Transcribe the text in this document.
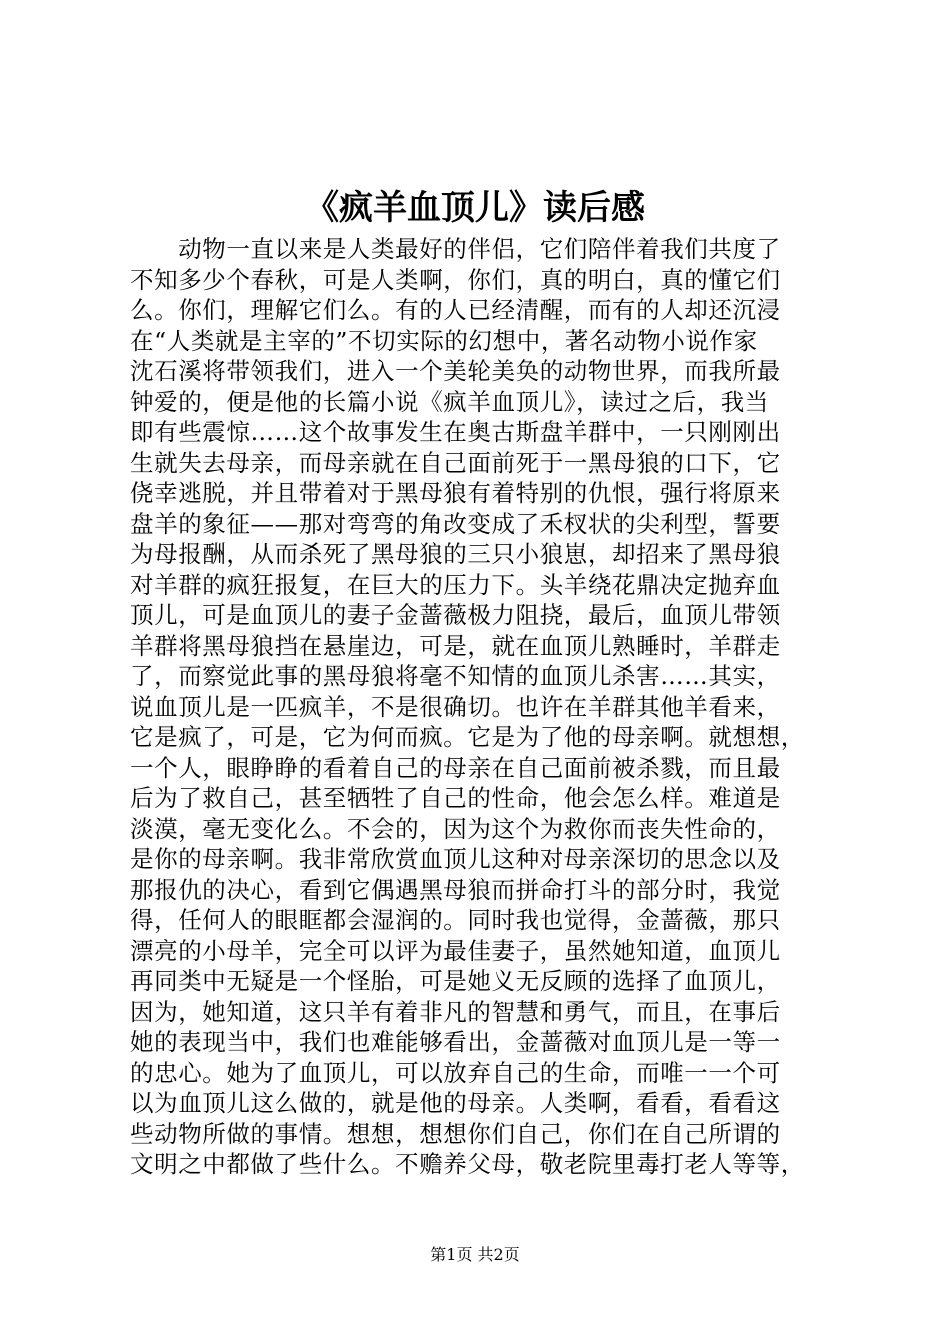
《疯羊血顶儿》读后感
　　动物一直以来是人类最好的伴侣，它们陪伴着我们共度了
不知多少个春秋，可是人类啊，你们，真的明白，真的懂它们
么。你们，理解它们么。有的人已经清醒，而有的人却还沉浸
在“人类就是主宰的”不切实际的幻想中，著名动物小说作家
沈石溪将带领我们，进入一个美轮美奂的动物世界，而我所最
钟爱的，便是他的长篇小说《疯羊血顶儿》，读过之后，我当
即有些震惊……这个故事发生在奥古斯盘羊群中，一只刚刚出
生就失去母亲，而母亲就在自己面前死于一黑母狼的口下，它
侥幸逃脱，并且带着对于黑母狼有着特别的仇恨，强行将原来
盘羊的象征——那对弯弯的角改变成了禾杈状的尖利型，誓要
为母报酬，从而杀死了黑母狼的三只小狼崽，却招来了黑母狼
对羊群的疯狂报复，在巨大的压力下。头羊绕花鼎决定抛弃血
顶儿，可是血顶儿的妻子金蔷薇极力阻挠，最后，血顶儿带领
羊群将黑母狼挡在悬崖边，可是，就在血顶儿熟睡时，羊群走
了，而察觉此事的黑母狼将毫不知情的血顶儿杀害……其实，
说血顶儿是一匹疯羊，不是很确切。也许在羊群其他羊看来，
它是疯了，可是，它为何而疯。它是为了他的母亲啊。就想想，
一个人，眼睁睁的看着自己的母亲在自己面前被杀戮，而且最
后为了救自己，甚至牺牲了自己的性命，他会怎么样。难道是
淡漠，毫无变化么。不会的，因为这个为救你而丧失性命的，
是你的母亲啊。我非常欣赏血顶儿这种对母亲深切的思念以及
那报仇的决心，看到它偶遇黑母狼而拼命打斗的部分时，我觉
得，任何人的眼眶都会湿润的。同时我也觉得，金蔷薇，那只
漂亮的小母羊，完全可以评为最佳妻子，虽然她知道，血顶儿
再同类中无疑是一个怪胎，可是她义无反顾的选择了血顶儿，
因为，她知道，这只羊有着非凡的智慧和勇气，而且，在事后
她的表现当中，我们也难能够看出，金蔷薇对血顶儿是一等一
的忠心。她为了血顶儿，可以放弃自己的生命，而唯一一个可
以为血顶儿这么做的，就是他的母亲。人类啊，看看，看看这
些动物所做的事情。想想，想想你们自己，你们在自己所谓的
文明之中都做了些什么。不赡养父母，敬老院里毒打老人等等，
第1页 共2页
